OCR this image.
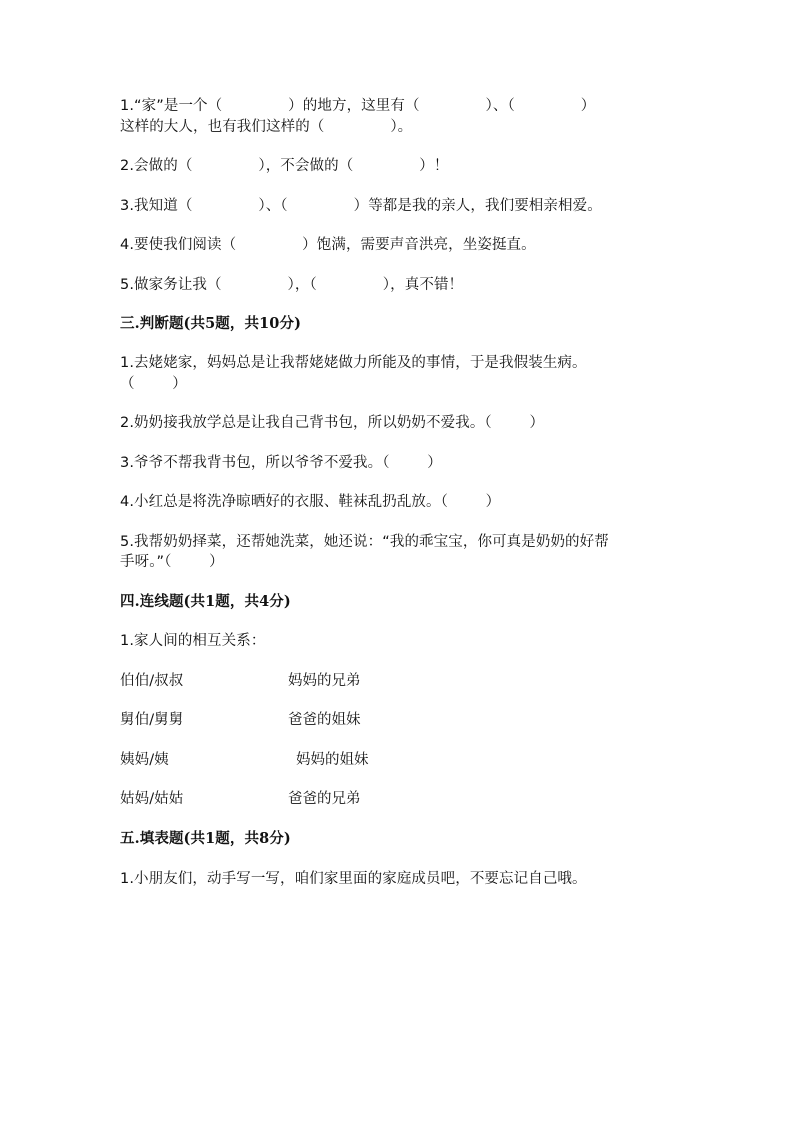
1.“家”是一个（              ）的地方，这里有（              ）、（              ）
这样的大人，也有我们这样的（              ）。
2.会做的（              ），不会做的（              ）！
3.我知道（              ）、（              ）等都是我的亲人，我们要相亲相爱。
4.要使我们阅读（              ）饱满，需要声音洪亮，坐姿挺直。
5.做家务让我（              ），（              ），真不错！
三.判断题(共5题，共10分)
1.去姥姥家，妈妈总是让我帮姥姥做力所能及的事情，于是我假装生病。
（        ）
2.奶奶接我放学总是让我自己背书包，所以奶奶不爱我。（        ）
3.爷爷不帮我背书包，所以爷爷不爱我。（        ）
4.小红总是将洗净晾晒好的衣服、鞋袜乱扔乱放。（        ）
5.我帮奶奶择菜，还帮她洗菜，她还说：“我的乖宝宝，你可真是奶奶的好帮
手呀。”（        ）
四.连线题(共1题，共4分)
1.家人间的相互关系：
伯伯/叔叔	妈妈的兄弟
舅伯/舅舅	爸爸的姐妹
姨妈/姨	妈妈的姐妹
姑妈/姑姑	爸爸的兄弟
五.填表题(共1题，共8分)
1.小朋友们，动手写一写，咱们家里面的家庭成员吧，不要忘记自己哦。
